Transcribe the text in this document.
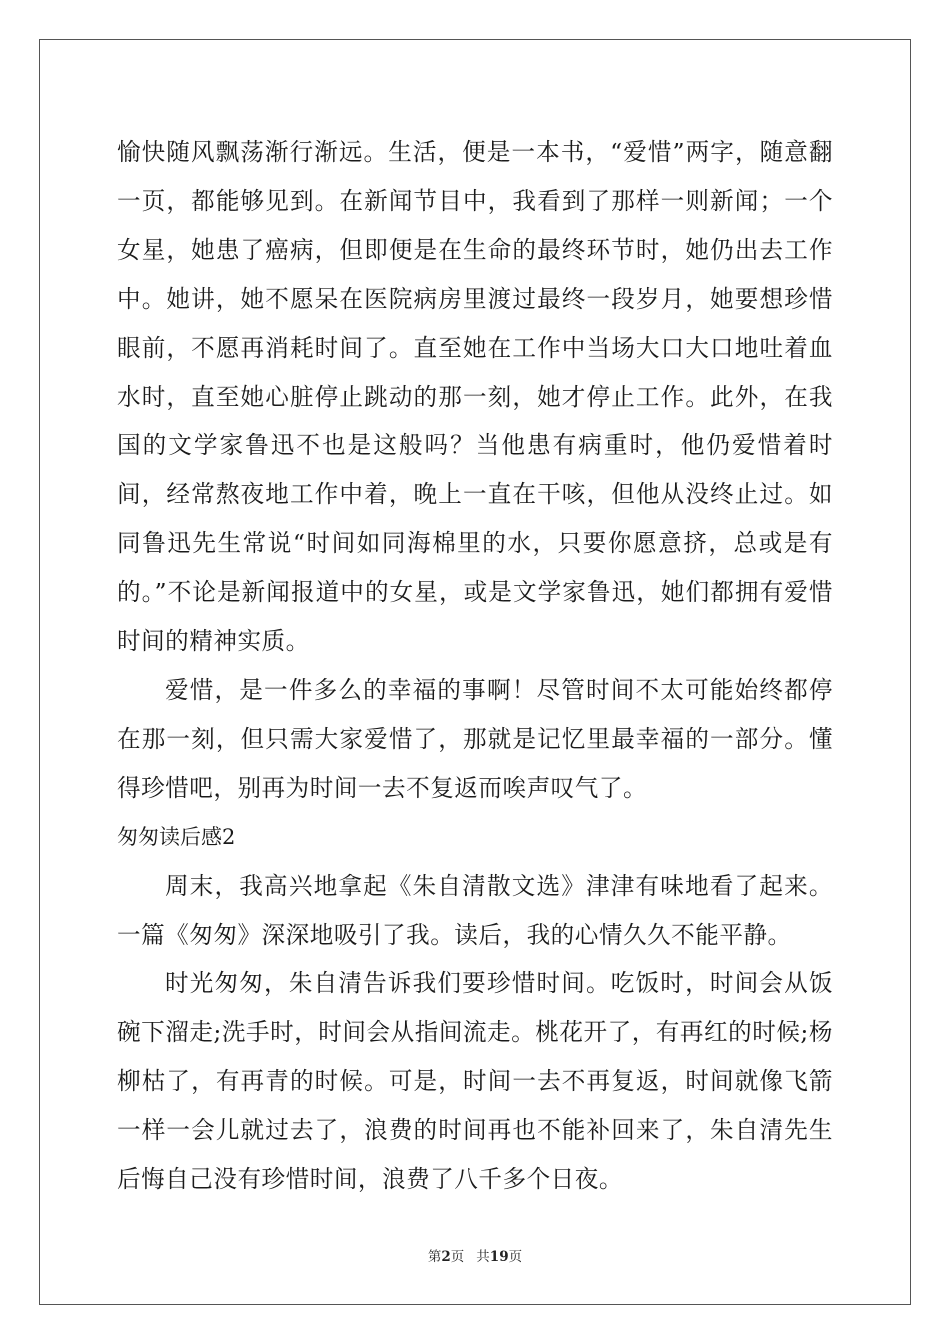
愉快随风飘荡渐行渐远。生活，便是一本书，“爱惜”两字，随意翻一页，都能够见到。在新闻节目中，我看到了那样一则新闻；一个女星，她患了癌病，但即便是在生命的最终环节时，她仍出去工作中。她讲，她不愿呆在医院病房里渡过最终一段岁月，她要想珍惜眼前，不愿再消耗时间了。直至她在工作中当场大口大口地吐着血水时，直至她心脏停止跳动的那一刻，她才停止工作。此外，在我国的文学家鲁迅不也是这般吗？当他患有病重时，他仍爱惜着时间，经常熬夜地工作中着，晚上一直在干咳，但他从没终止过。如同鲁迅先生常说“时间如同海棉里的水，只要你愿意挤，总或是有的。”不论是新闻报道中的女星，或是文学家鲁迅，她们都拥有爱惜时间的精神实质。

爱惜，是一件多么的幸福的事啊！尽管时间不太可能始终都停在那一刻，但只需大家爱惜了，那就是记忆里最幸福的一部分。懂得珍惜吧，别再为时间一去不复返而唉声叹气了。

匆匆读后感2

周末，我高兴地拿起《朱自清散文选》津津有味地看了起来。一篇《匆匆》深深地吸引了我。读后，我的心情久久不能平静。

时光匆匆，朱自清告诉我们要珍惜时间。吃饭时，时间会从饭碗下溜走;洗手时，时间会从指间流走。桃花开了，有再红的时候;杨柳枯了，有再青的时候。可是，时间一去不再复返，时间就像飞箭一样一会儿就过去了，浪费的时间再也不能补回来了，朱自清先生后悔自己没有珍惜时间，浪费了八千多个日夜。

第2页 共19页
